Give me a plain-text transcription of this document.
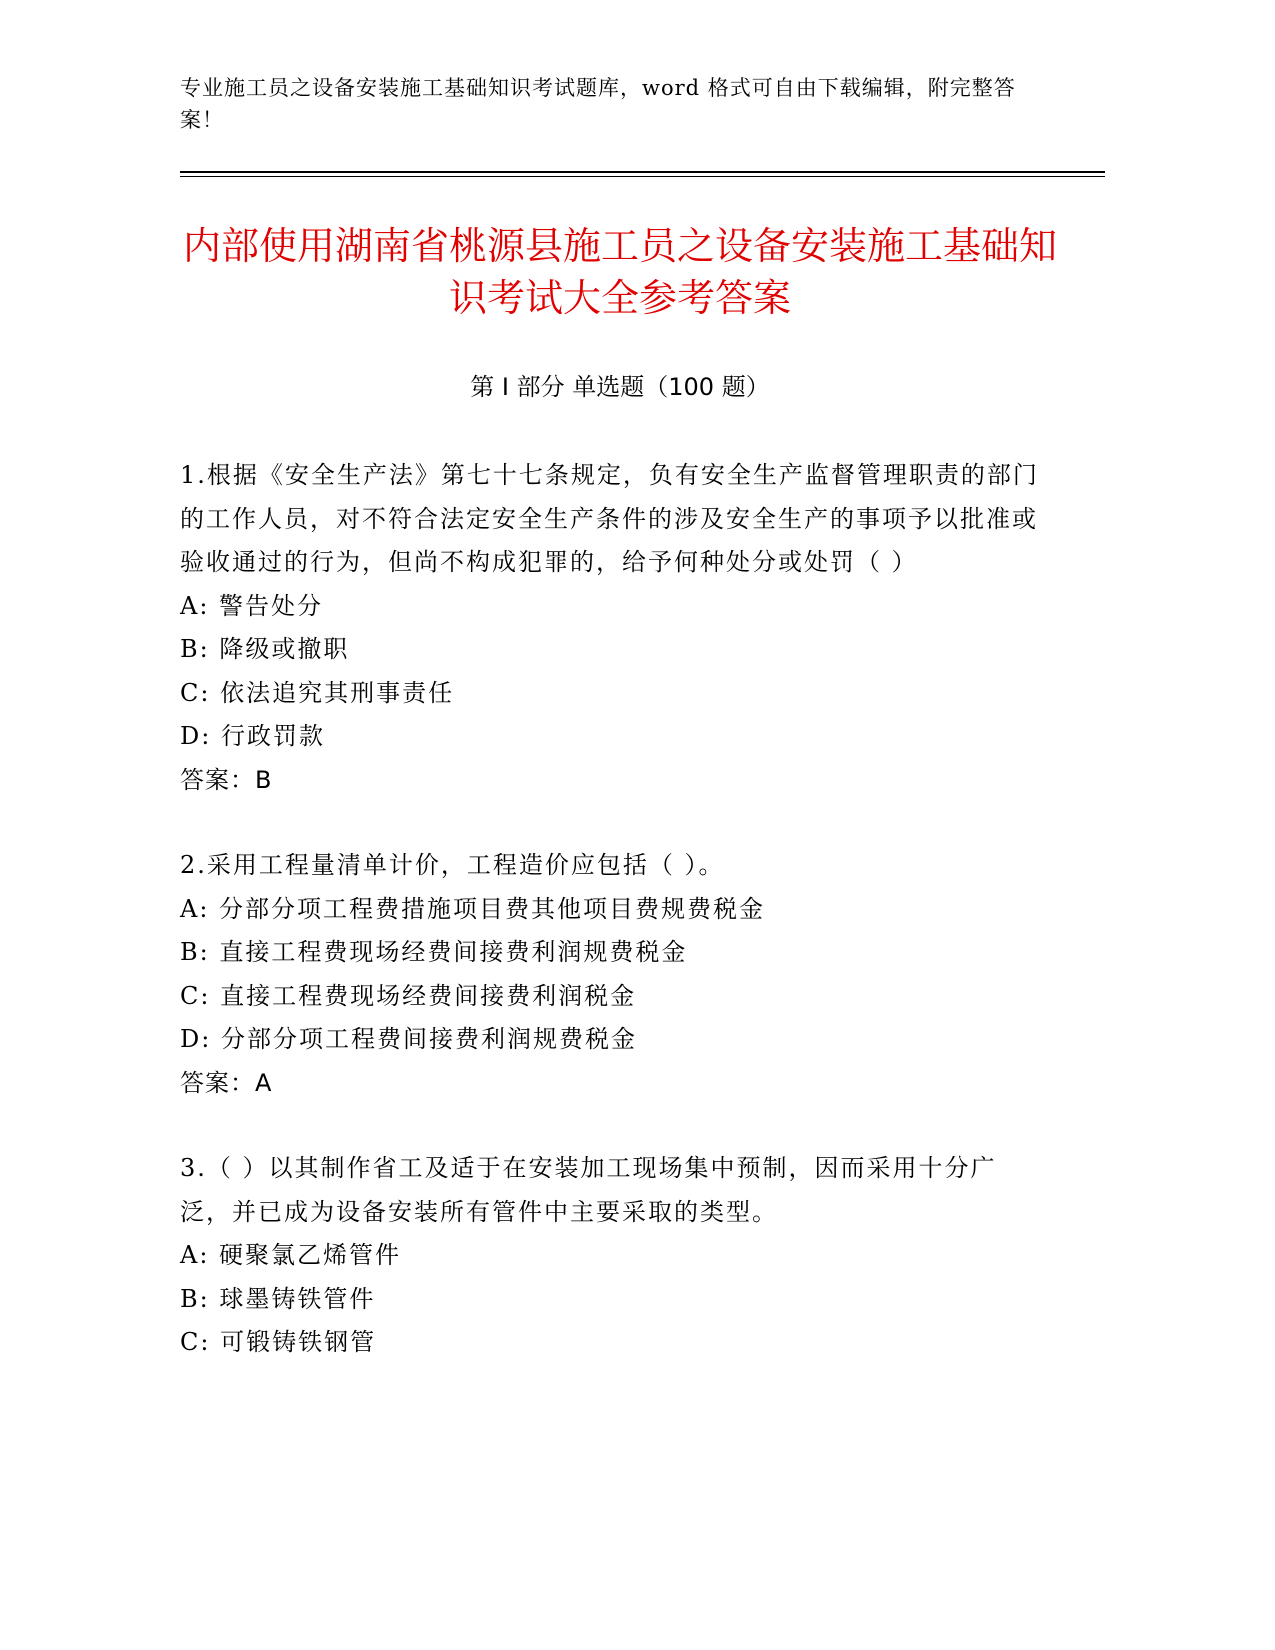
专业施工员之设备安装施工基础知识考试题库，word 格式可自由下载编辑，附完整答案！
内部使用湖南省桃源县施工员之设备安装施工基础知识考试大全参考答案
第 I 部分 单选题（100 题）

1.根据《安全生产法》第七十七条规定，负有安全生产监督管理职责的部门的工作人员，对不符合法定安全生产条件的涉及安全生产的事项予以批准或验收通过的行为，但尚不构成犯罪的，给予何种处分或处罚（ ）

A: 警告处分

B: 降级或撤职

C: 依法追究其刑事责任

D: 行政罚款

答案：B

2.采用工程量清单计价，工程造价应包括（ ）。

A: 分部分项工程费措施项目费其他项目费规费税金

B: 直接工程费现场经费间接费利润规费税金

C: 直接工程费现场经费间接费利润税金

D: 分部分项工程费间接费利润规费税金

答案：A

3.（ ）以其制作省工及适于在安装加工现场集中预制，因而采用十分广泛，并已成为设备安装所有管件中主要采取的类型。

A: 硬聚氯乙烯管件

B: 球墨铸铁管件

C: 可锻铸铁钢管
